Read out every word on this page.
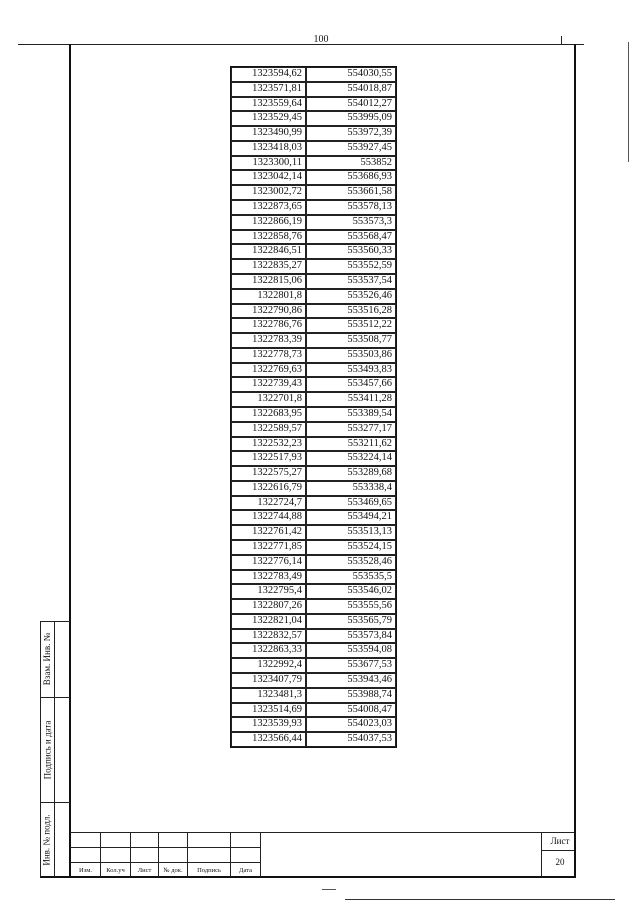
100
Взам. Инв. №
Подпись и дата
Инв. № подл.
1323594,62	554030,55
1323571,81	554018,87
1323559,64	554012,27
1323529,45	553995,09
1323490,99	553972,39
1323418,03	553927,45
1323300,11	553852
1323042,14	553686,93
1323002,72	553661,58
1322873,65	553578,13
1322866,19	553573,3
1322858,76	553568,47
1322846,51	553560,33
1322835,27	553552,59
1322815,06	553537,54
1322801,8	553526,46
1322790,86	553516,28
1322786,76	553512,22
1322783,39	553508,77
1322778,73	553503,86
1322769,63	553493,83
1322739,43	553457,66
1322701,8	553411,28
1322683,95	553389,54
1322589,57	553277,17
1322532,23	553211,62
1322517,93	553224,14
1322575,27	553289,68
1322616,79	553338,4
1322724,7	553469,65
1322744,88	553494,21
1322761,42	553513,13
1322771,85	553524,15
1322776,14	553528,46
1322783,49	553535,5
1322795,4	553546,02
1322807,26	553555,56
1322821,04	553565,79
1322832,57	553573,84
1322863,33	553594,08
1322992,4	553677,53
1323407,79	553943,46
1323481,3	553988,74
1323514,69	554008,47
1323539,93	554023,03
1323566,44	554037,53
Изм.	Кол.уч	Лист	№ док.	Подпись	Дата
Лист
20
